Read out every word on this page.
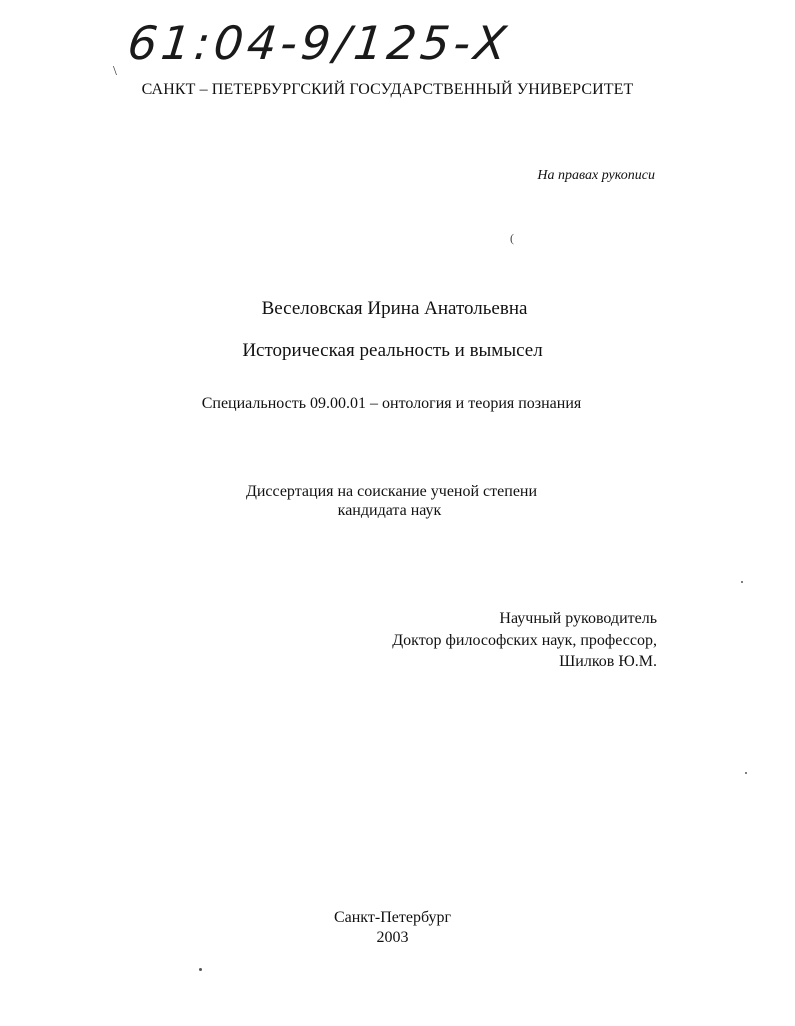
61:04-9/125-Х
\
САНКТ – ПЕТЕРБУРГСКИЙ ГОСУДАРСТВЕННЫЙ УНИВЕРСИТЕТ
На правах рукописи
(
Веселовская Ирина Анатольевна
Историческая реальность и вымысел
Специальность 09.00.01 – онтология и теория познания
Диссертация на соискание ученой степени
кандидата наук
Научный руководитель
Доктор философских наук, профессор,
Шилков Ю.М.
Санкт-Петербург
2003
